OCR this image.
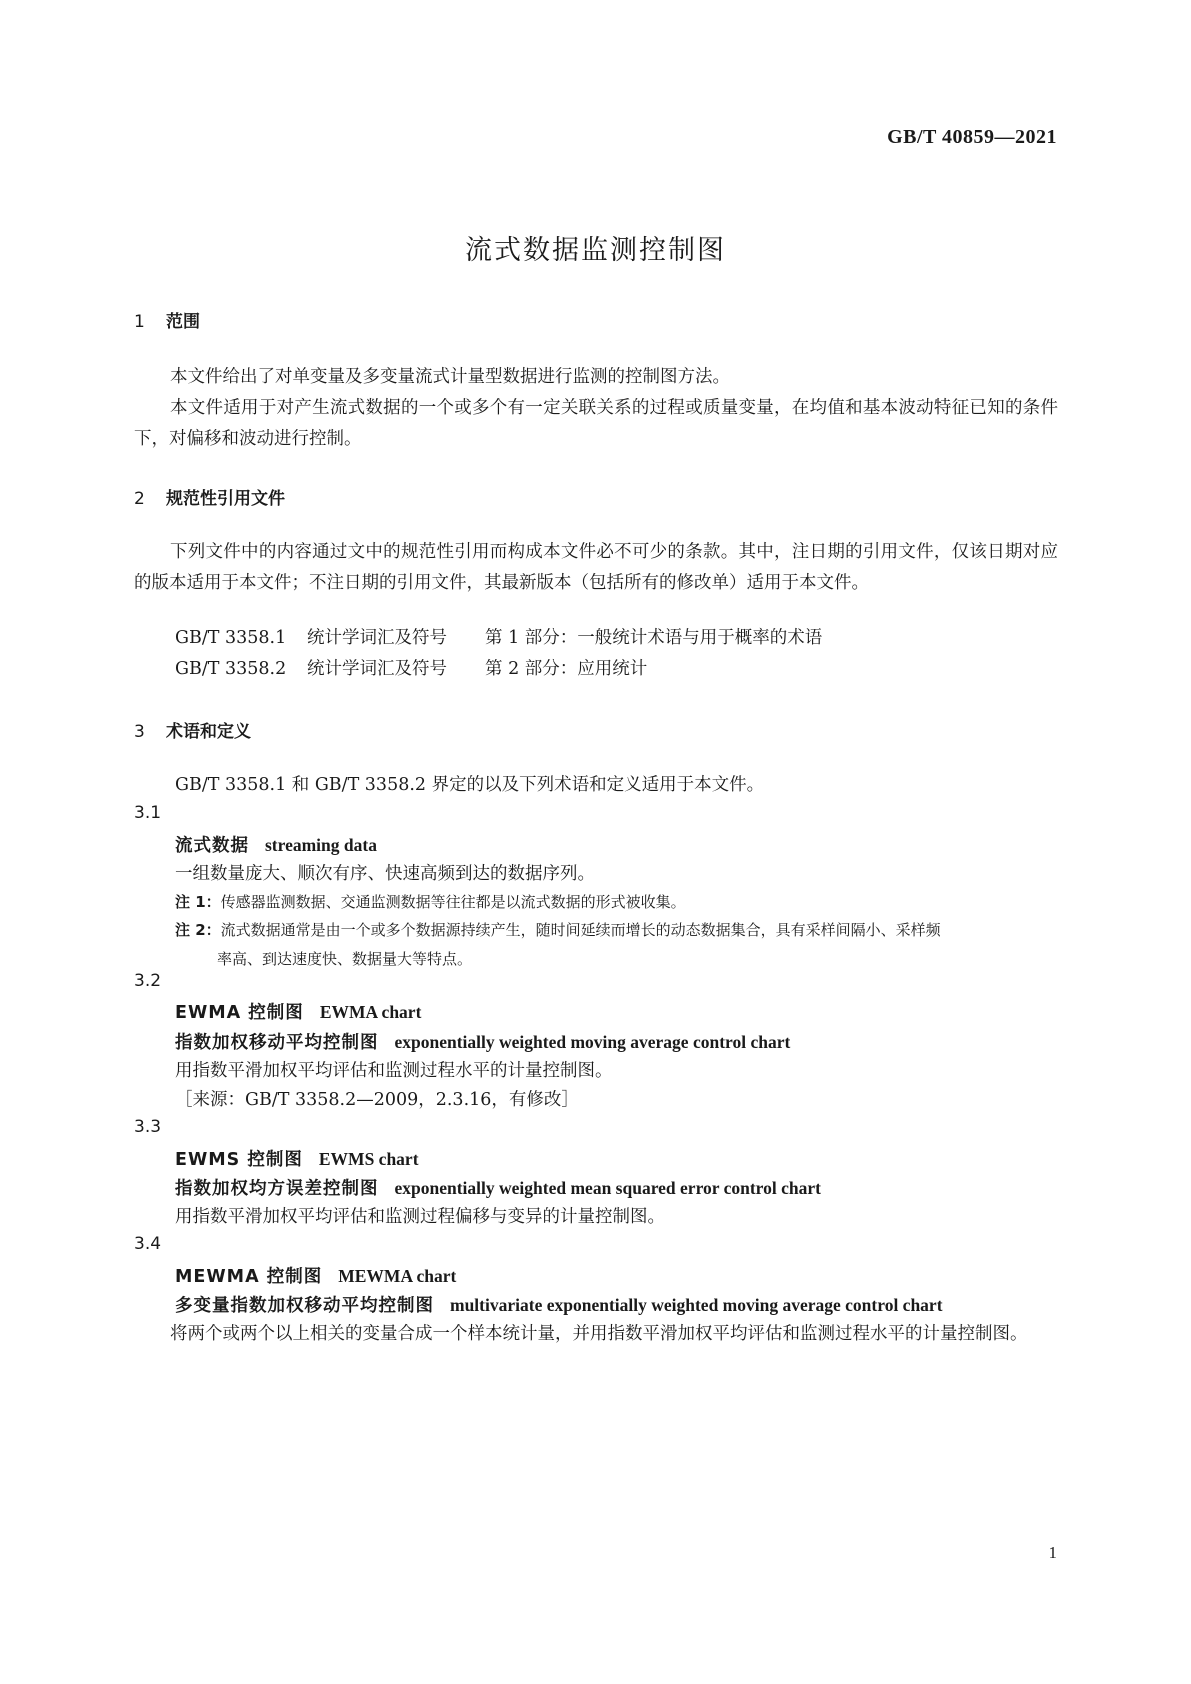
GB/T 40859—2021
流式数据监测控制图
1 范围
本文件给出了对单变量及多变量流式计量型数据进行监测的控制图方法。
本文件适用于对产生流式数据的一个或多个有一定关联关系的过程或质量变量，在均值和基本波动特征已知的条件下，对偏移和波动进行控制。
2 规范性引用文件
下列文件中的内容通过文中的规范性引用而构成本文件必不可少的条款。其中，注日期的引用文件，仅该日期对应的版本适用于本文件；不注日期的引用文件，其最新版本（包括所有的修改单）适用于本文件。
GB/T 3358.1 统计学词汇及符号 第 1 部分：一般统计术语与用于概率的术语
GB/T 3358.2 统计学词汇及符号 第 2 部分：应用统计
3 术语和定义
GB/T 3358.1 和 GB/T 3358.2 界定的以及下列术语和定义适用于本文件。
3.1
流式数据 streaming data
一组数量庞大、顺次有序、快速高频到达的数据序列。
注 1：传感器监测数据、交通监测数据等往往都是以流式数据的形式被收集。
注 2：流式数据通常是由一个或多个数据源持续产生，随时间延续而增长的动态数据集合，具有采样间隔小、采样频
率高、到达速度快、数据量大等特点。
3.2
EWMA 控制图 EWMA chart
指数加权移动平均控制图 exponentially weighted moving average control chart
用指数平滑加权平均评估和监测过程水平的计量控制图。
［来源：GB/T 3358.2—2009，2.3.16，有修改］
3.3
EWMS 控制图 EWMS chart
指数加权均方误差控制图 exponentially weighted mean squared error control chart
用指数平滑加权平均评估和监测过程偏移与变异的计量控制图。
3.4
MEWMA 控制图 MEWMA chart
多变量指数加权移动平均控制图 multivariate exponentially weighted moving average control chart
将两个或两个以上相关的变量合成一个样本统计量，并用指数平滑加权平均评估和监测过程水平的计量控制图。
1
